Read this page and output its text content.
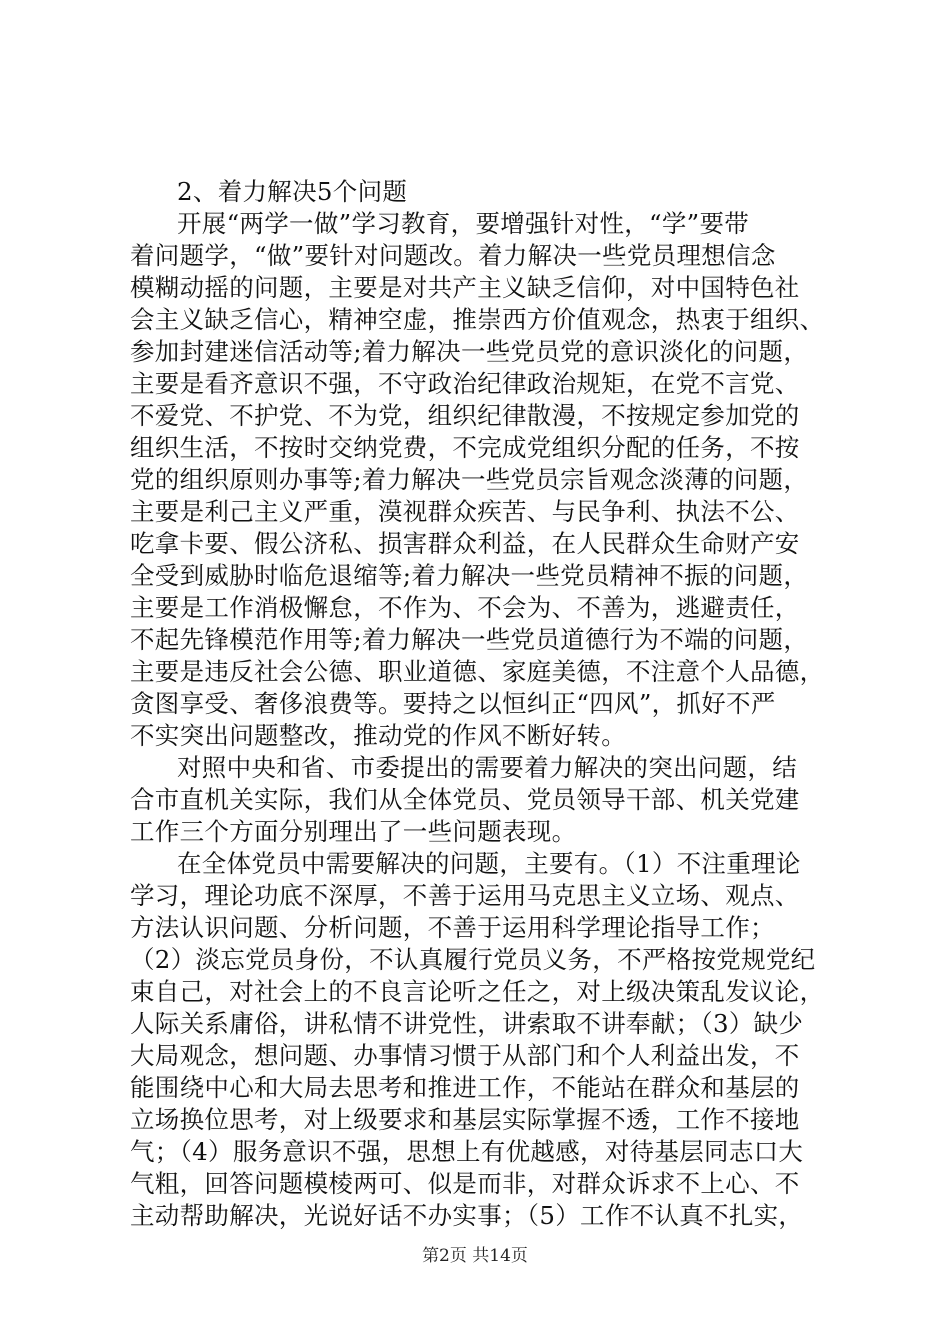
2、着力解决5个问题
开展“两学一做”学习教育，要增强针对性，“学”要带
着问题学，“做”要针对问题改。着力解决一些党员理想信念
模糊动摇的问题，主要是对共产主义缺乏信仰，对中国特色社
会主义缺乏信心，精神空虚，推崇西方价值观念，热衷于组织、
参加封建迷信活动等;着力解决一些党员党的意识淡化的问题，
主要是看齐意识不强，不守政治纪律政治规矩，在党不言党、
不爱党、不护党、不为党，组织纪律散漫，不按规定参加党的
组织生活，不按时交纳党费，不完成党组织分配的任务，不按
党的组织原则办事等;着力解决一些党员宗旨观念淡薄的问题，
主要是利己主义严重，漠视群众疾苦、与民争利、执法不公、
吃拿卡要、假公济私、损害群众利益，在人民群众生命财产安
全受到威胁时临危退缩等;着力解决一些党员精神不振的问题，
主要是工作消极懈怠，不作为、不会为、不善为，逃避责任，
不起先锋模范作用等;着力解决一些党员道德行为不端的问题，
主要是违反社会公德、职业道德、家庭美德，不注意个人品德，
贪图享受、奢侈浪费等。要持之以恒纠正“四风”，抓好不严
不实突出问题整改，推动党的作风不断好转。
对照中央和省、市委提出的需要着力解决的突出问题，结
合市直机关实际，我们从全体党员、党员领导干部、机关党建
工作三个方面分别理出了一些问题表现。
在全体党员中需要解决的问题，主要有。（1）不注重理论
学习，理论功底不深厚，不善于运用马克思主义立场、观点、
方法认识问题、分析问题，不善于运用科学理论指导工作；
（2）淡忘党员身份，不认真履行党员义务，不严格按党规党纪
束自己，对社会上的不良言论听之任之，对上级决策乱发议论，
人际关系庸俗，讲私情不讲党性，讲索取不讲奉献；（3）缺少
大局观念，想问题、办事情习惯于从部门和个人利益出发，不
能围绕中心和大局去思考和推进工作，不能站在群众和基层的
立场换位思考，对上级要求和基层实际掌握不透，工作不接地
气；（4）服务意识不强，思想上有优越感，对待基层同志口大
气粗，回答问题模棱两可、似是而非，对群众诉求不上心、不
主动帮助解决，光说好话不办实事；（5）工作不认真不扎实，
第2页 共14页
